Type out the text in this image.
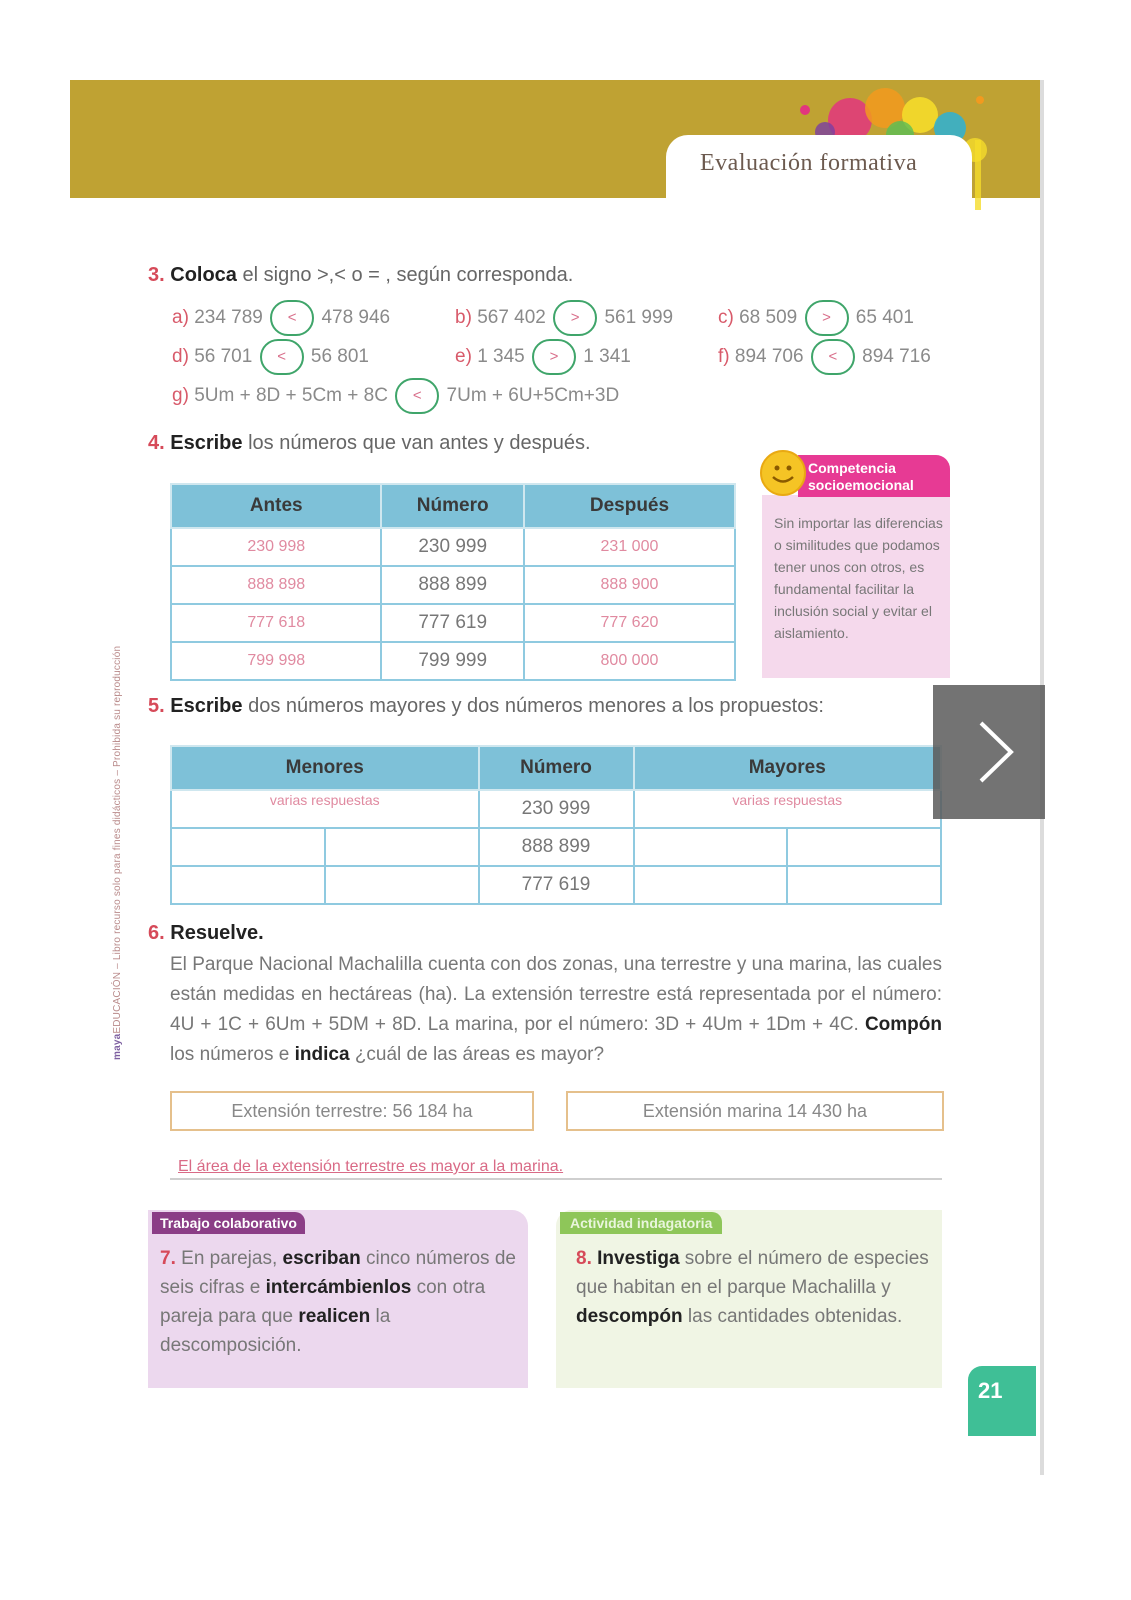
Evaluación formativa
mayaEDUCACIÓN – Libro recurso solo para fines didácticos – Prohibida su reproducción
3. Coloca el signo >,< o = , según corresponda.
a) 234 789 < 478 946	b) 567 402 > 561 999 c) 68 509 > 65 401
d) 56 701 < 56 801	e) 1 345 > 1 341	f) 894 706 < 894 716
g) 5Um + 8D + 5Cm + 8C < 7Um + 6U+5Cm+3D
4. Escribe los números que van antes y después.
Antes	Número	Después
230 998	230 999	231 000
888 898	888 899	888 900
777 618	777 619	777 620
799 998	799 999	800 000
Competencia socioemocional
Sin importar las diferencias o similitudes que podamos tener unos con otros, es fundamental facilitar la inclusión social y evitar el aislamiento.
5. Escribe dos números mayores y dos números menores a los propuestos:
Menores		Número	Mayores	
varias respuestas		230 999	varias respuestas	
		888 899		
		777 619		
6. Resuelve.
El Parque Nacional Machalilla cuenta con dos zonas, una terrestre y una marina, las cuales están medidas en hectáreas (ha). La extensión terrestre está representada por el número: 4U + 1C + 6Um + 5DM + 8D. La marina, por el número: 3D + 4Um + 1Dm + 4C. Compón los números e indica ¿cuál de las áreas es mayor?
Extensión terrestre: 56 184 ha	Extensión marina 14 430 ha
El área de la extensión terrestre es mayor a la marina.
Trabajo colaborativo
7. En parejas, escriban cinco números de seis cifras e intercámbienlos con otra pareja para que realicen la descomposición.
Actividad indagatoria
8. Investiga sobre el número de especies que habitan en el parque Machalilla y descompón las cantidades obtenidas.
21
